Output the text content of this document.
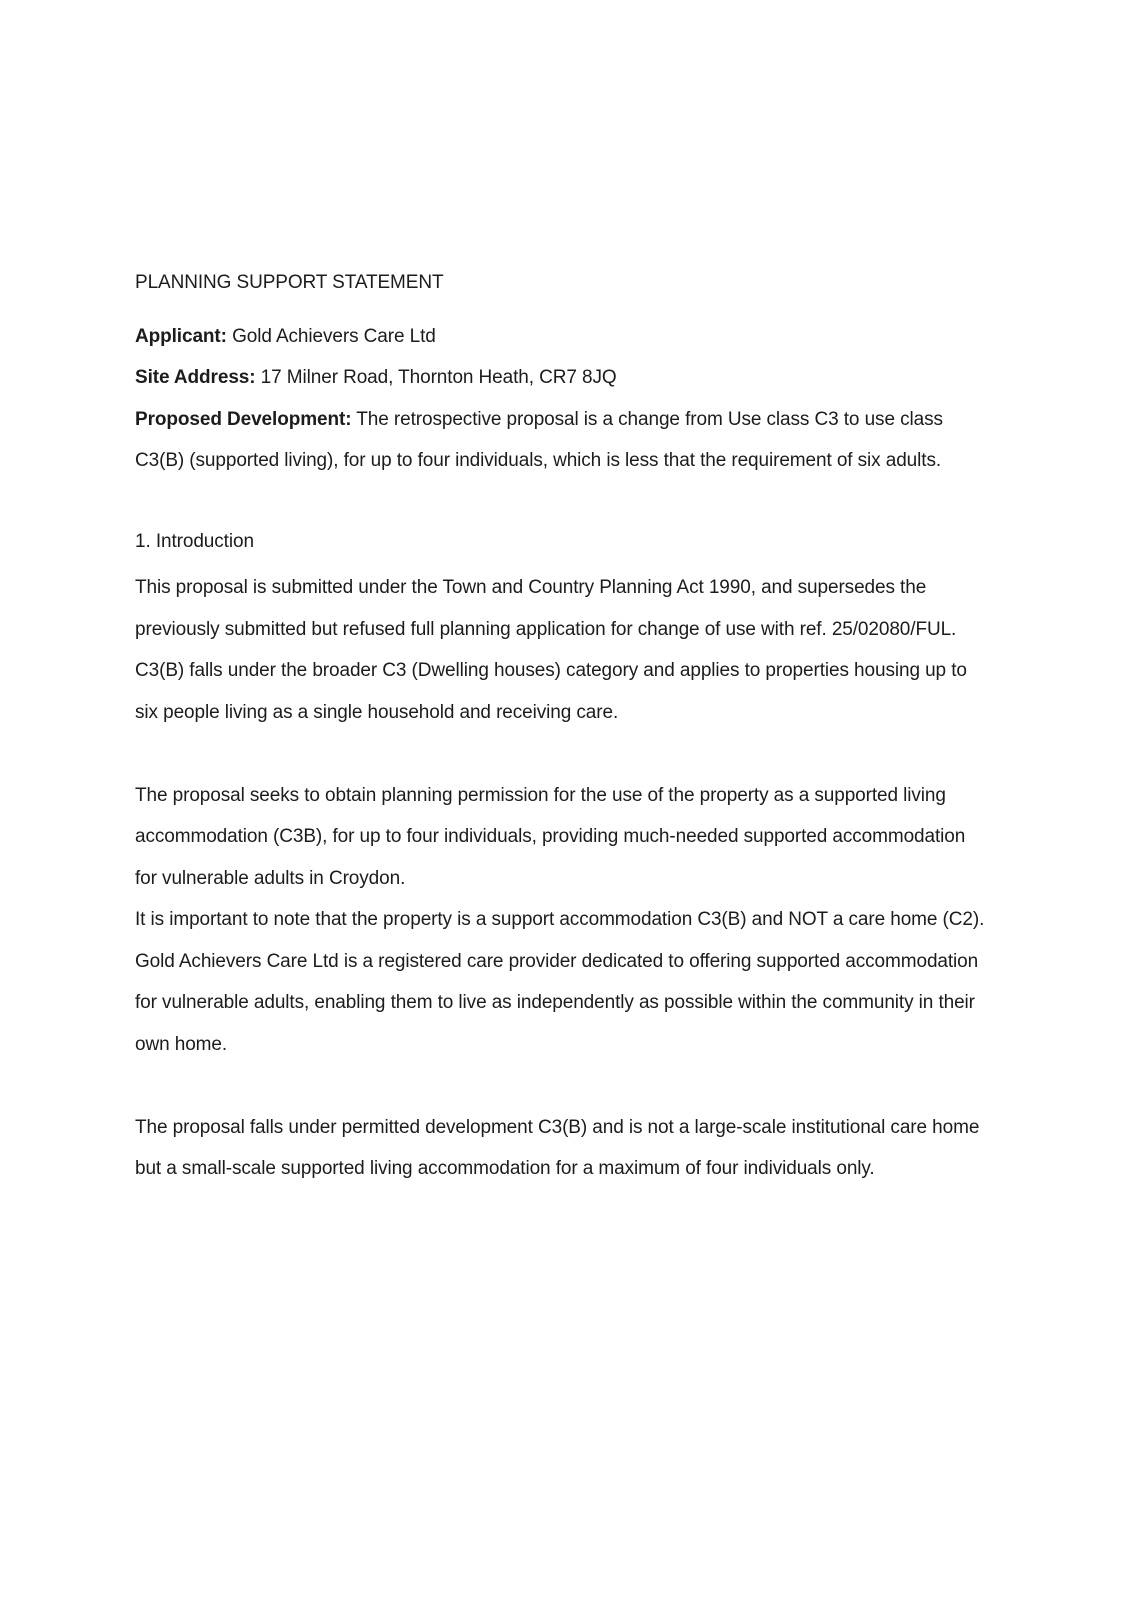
PLANNING SUPPORT STATEMENT

Applicant: Gold Achievers Care Ltd

Site Address: 17 Milner Road, Thornton Heath, CR7 8JQ

Proposed Development: The retrospective proposal is a change from Use class C3 to use class C3(B) (supported living), for up to four individuals, which is less that the requirement of six adults.

1. Introduction

This proposal is submitted under the Town and Country Planning Act 1990, and supersedes the previously submitted but refused full planning application for change of use with ref. 25/02080/FUL.

C3(B) falls under the broader C3 (Dwelling houses) category and applies to properties housing up to six people living as a single household and receiving care.

The proposal seeks to obtain planning permission for the use of the property as a supported living accommodation (C3B), for up to four individuals, providing much-needed supported accommodation for vulnerable adults in Croydon.

It is important to note that the property is a support accommodation C3(B) and NOT a care home (C2).

Gold Achievers Care Ltd is a registered care provider dedicated to offering supported accommodation for vulnerable adults, enabling them to live as independently as possible within the community in their own home.

The proposal falls under permitted development C3(B) and is not a large-scale institutional care home but a small-scale supported living accommodation for a maximum of four individuals only.
